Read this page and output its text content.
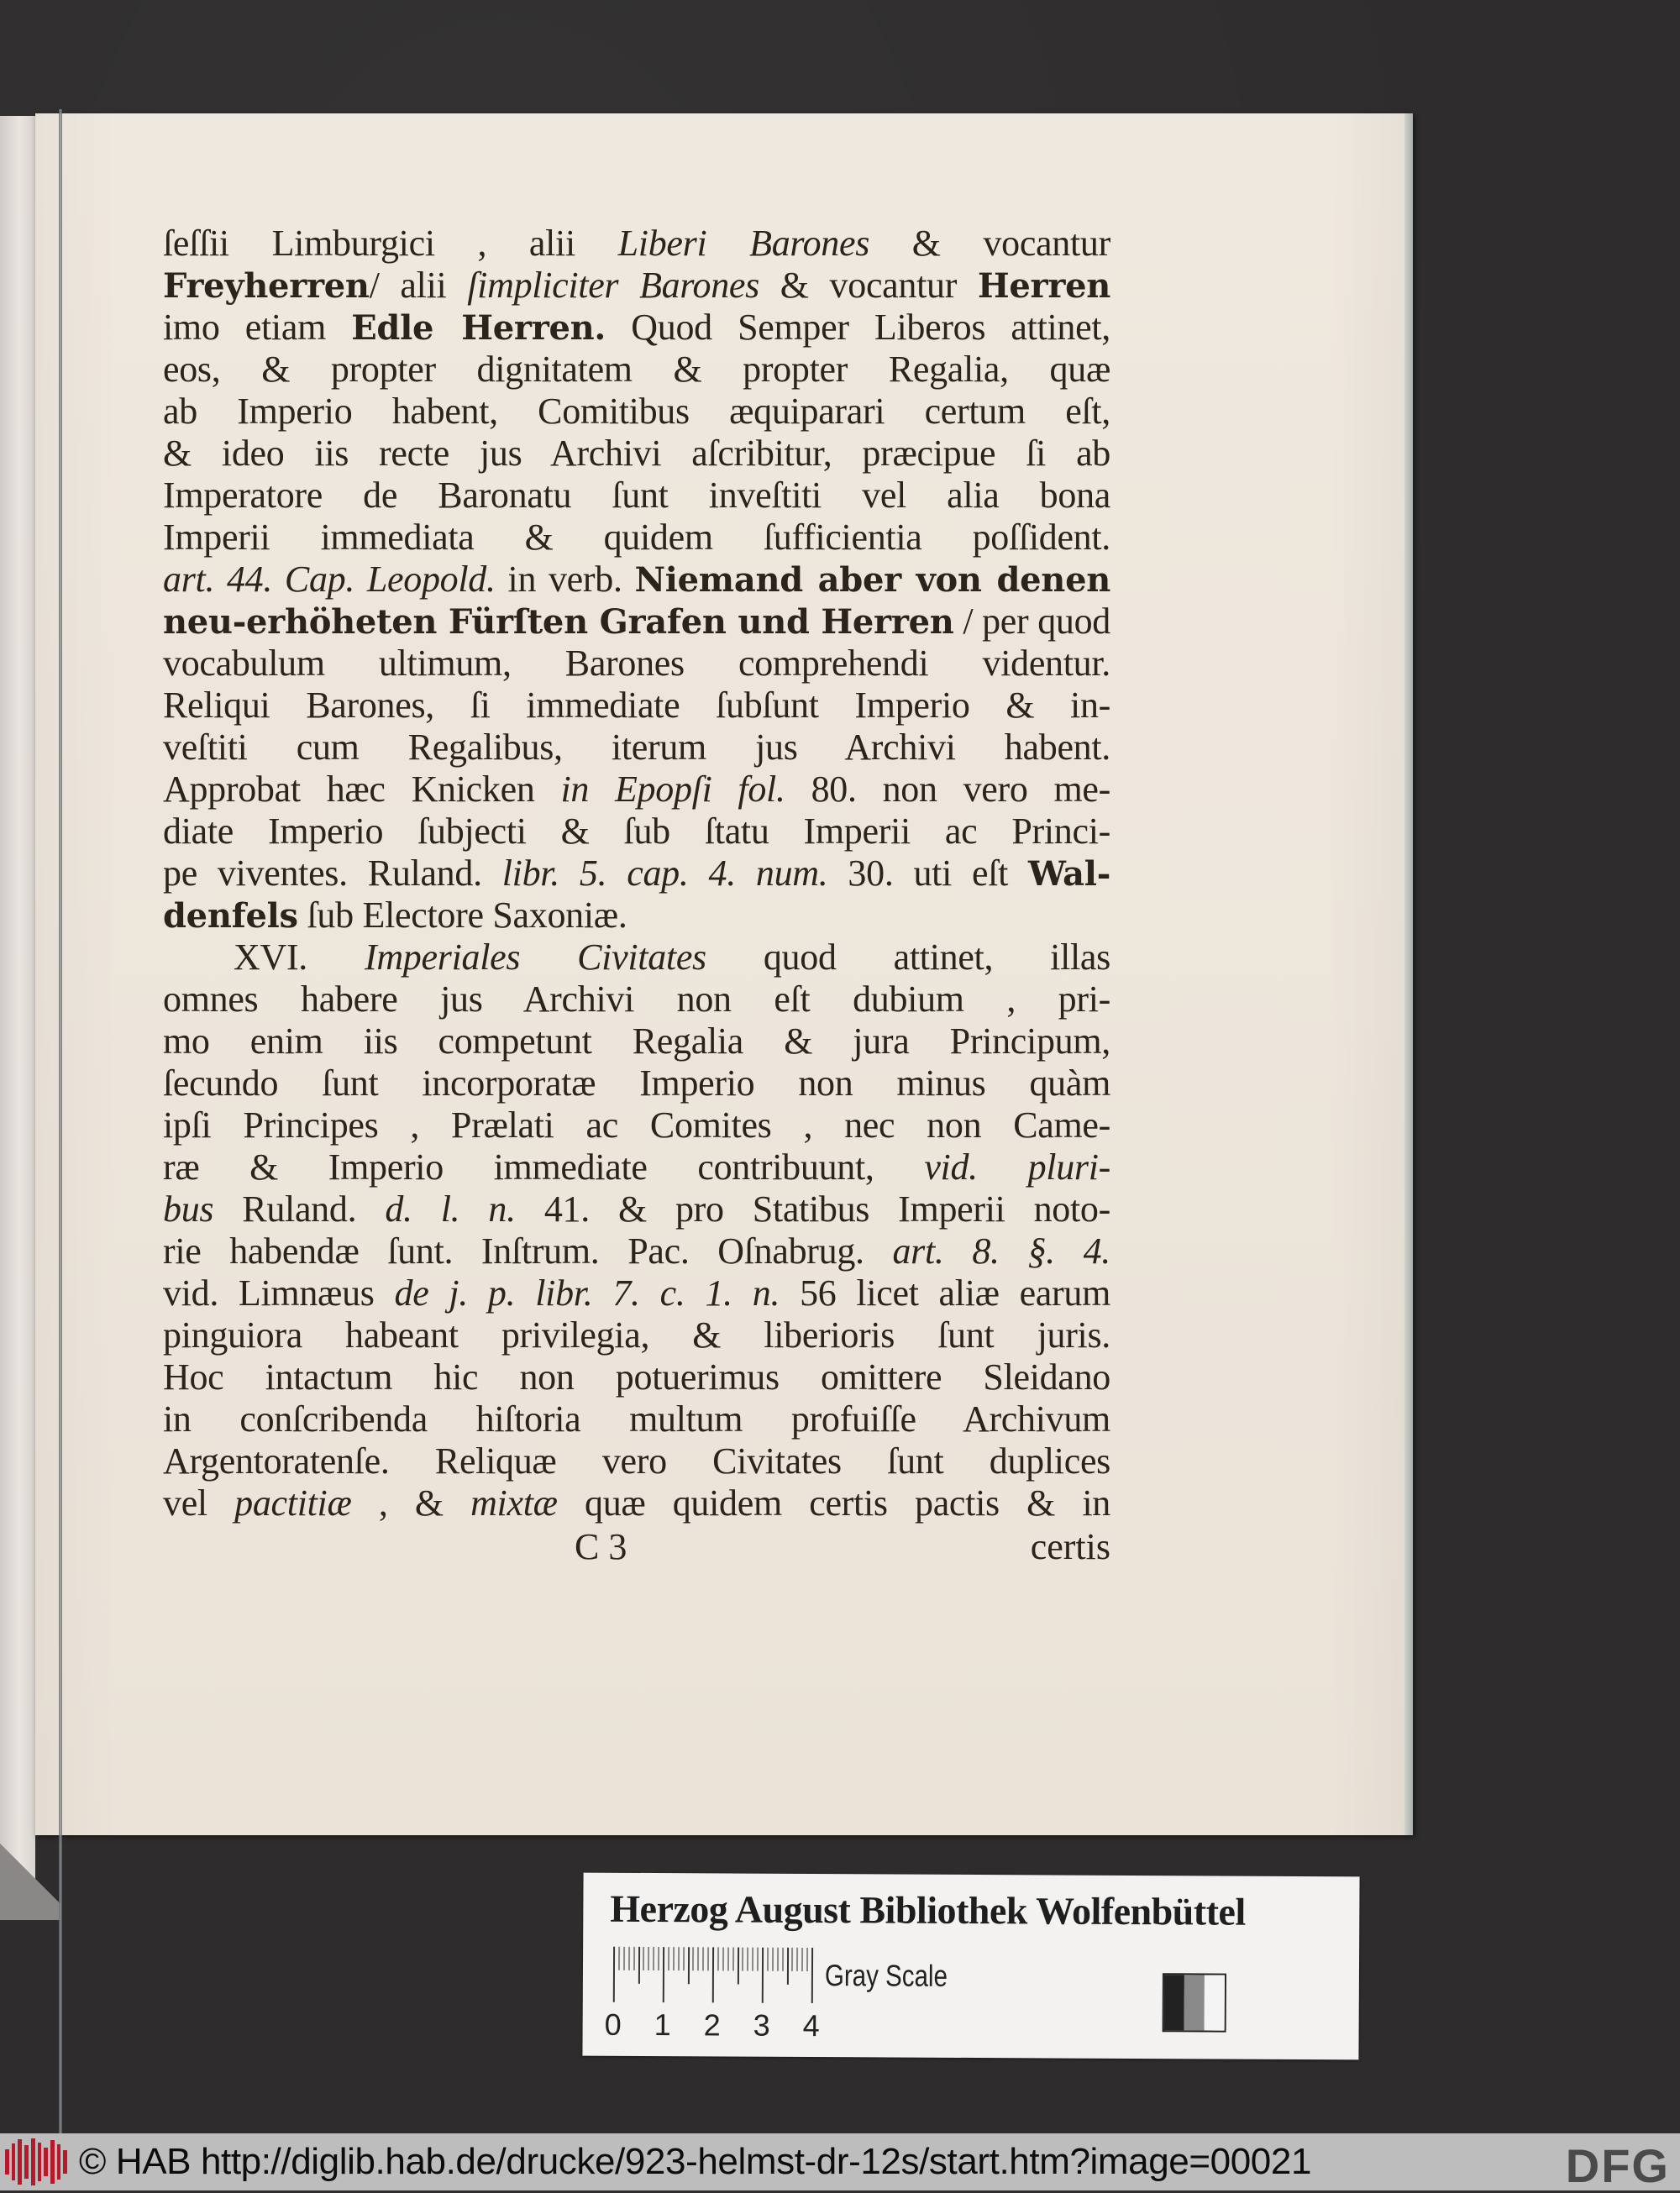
ſeſſii Limburgici , alii Liberi Barones & vocantur
Freyherren/ alii ſimpliciter Barones & vocantur Herren
imo etiam Edle Herren. Quod Semper Liberos attinet,
eos, & propter dignitatem & propter Regalia, quæ
ab Imperio habent, Comitibus æquiparari certum eſt,
& ideo iis recte jus Archivi aſcribitur, præcipue ſi ab
Imperatore de Baronatu ſunt inveſtiti vel alia bona
Imperii immediata & quidem ſufficientia poſſident.
art. 44. Cap. Leopold. in verb. Niemand aber von denen
neu-erhöheten Fürſten Grafen und Herren / per quod
vocabulum ultimum, Barones comprehendi videntur.
Reliqui Barones, ſi immediate ſubſunt Imperio & in-
veſtiti cum Regalibus, iterum jus Archivi habent.
Approbat hæc Knicken in Epopſi fol. 80. non vero me-
diate Imperio ſubjecti & ſub ſtatu Imperii ac Princi-
pe viventes. Ruland. libr. 5. cap. 4. num. 30. uti eſt Wal-
denfels ſub Electore Saxoniæ.
XVI. Imperiales Civitates quod attinet, illas
omnes habere jus Archivi non eſt dubium , pri-
mo enim iis competunt Regalia & jura Principum,
ſecundo ſunt incorporatæ Imperio non minus quàm
ipſi Principes , Prælati ac Comites , nec non Came-
ræ & Imperio immediate contribuunt, vid. pluri-
bus Ruland. d. l. n. 41. & pro Statibus Imperii noto-
rie habendæ ſunt. Inſtrum. Pac. Oſnabrug. art. 8. §. 4.
vid. Limnæus de j. p. libr. 7. c. 1. n. 56 licet aliæ earum
pinguiora habeant privilegia, & liberioris ſunt juris.
Hoc intactum hic non potuerimus omittere Sleidano
in conſcribenda hiſtoria multum profuiſſe Archivum
Argentoratenſe. Reliquæ vero Civitates ſunt duplices
vel pactitiæ , & mixtæ quæ quidem certis pactis & in
C 3	certis
Herzog August Bibliothek Wolfenbüttel
0 1 2 3 4
Gray Scale
© HAB http://diglib.hab.de/drucke/923-helmst-dr-12s/start.htm?image=00021	DFG
